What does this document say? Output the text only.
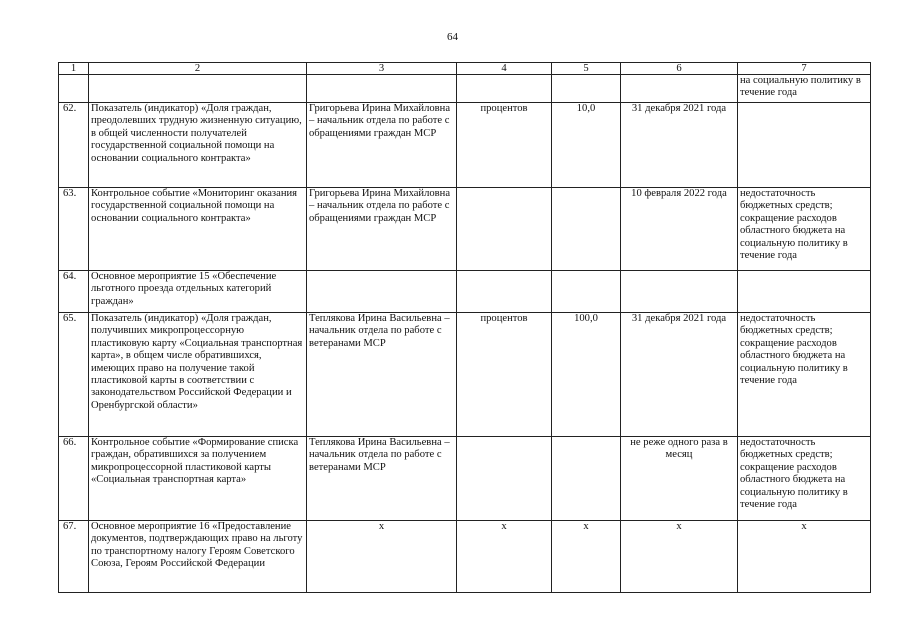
64
1	2	3	4	5	6	7
						на социальную политику в течение года
62.	Показатель (индикатор) «Доля граждан, преодолевших трудную жизненную ситуацию, в общей численности получателей государственной социальной помощи на основании социального контракта»	Григорьева Ирина Михайловна – начальник отдела по работе с обращениями граждан МСР	процентов	10,0	31 декабря 2021 года	
63.	Контрольное событие «Мониторинг оказания государственной социальной помощи на основании социального контракта»	Григорьева Ирина Михайловна – начальник отдела по работе с обращениями граждан МСР			10 февраля 2022 года	недостаточность бюджетных средств; сокращение расходов областного бюджета на социальную политику в течение года
64.	Основное мероприятие 15 «Обеспечение льготного проезда отдельных категорий граждан»					
65.	Показатель (индикатор) «Доля граждан, получивших микропроцессорную пластиковую карту «Социальная транспортная карта», в общем числе обратившихся, имеющих право на получение такой пластиковой карты в соответствии с законодательством Российской Федерации и Оренбургской области»	Теплякова Ирина Васильевна – начальник отдела по работе с ветеранами МСР	процентов	100,0	31 декабря 2021 года	недостаточность бюджетных средств; сокращение расходов областного бюджета на социальную политику в течение года
66.	Контрольное событие «Формирование списка граждан, обратившихся за получением микропроцессорной пластиковой карты «Социальная транспортная карта»	Теплякова Ирина Васильевна – начальник отдела по работе с ветеранами МСР			не реже одного раза в месяц	недостаточность бюджетных средств; сокращение расходов областного бюджета на социальную политику в течение года
67.	Основное мероприятие 16 «Предоставление документов, подтверждающих право на льготу по транспортному налогу Героям Советского Союза, Героям Российской Федерации	х	х	х	х	х
